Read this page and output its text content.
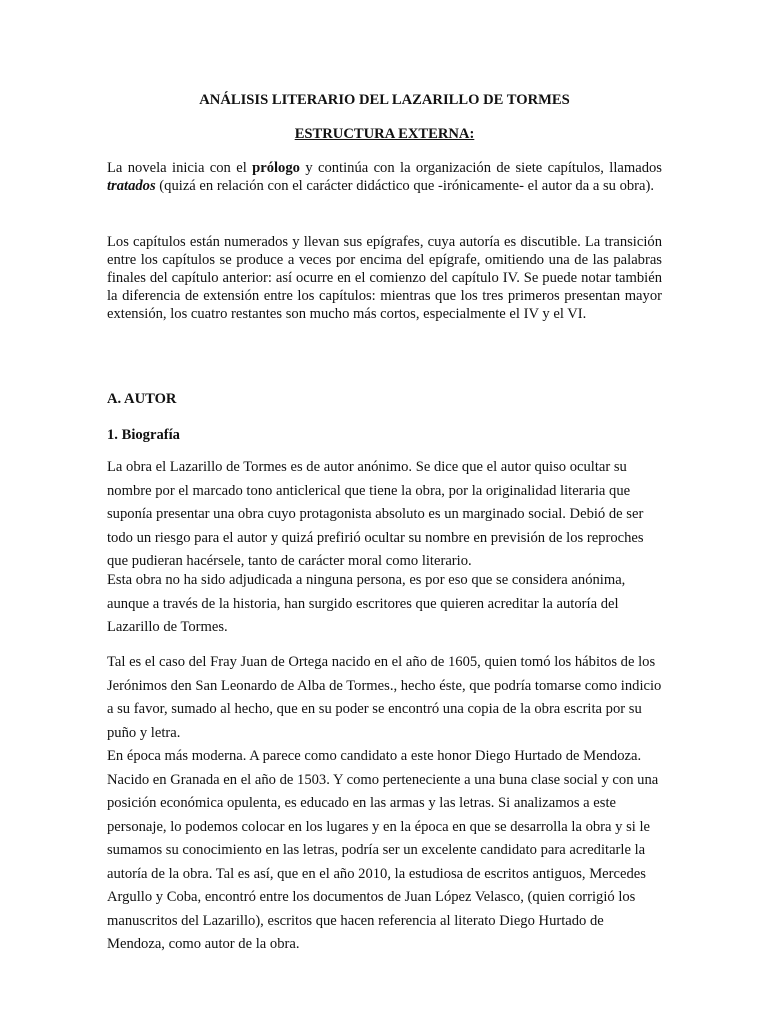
ANÁLISIS LITERARIO DEL LAZARILLO DE TORMES
ESTRUCTURA EXTERNA:
La novela inicia con el prólogo y continúa con la organización de siete capítulos, llamados tratados (quizá en relación con el carácter didáctico que -irónicamente- el autor da a su obra).
Los capítulos están numerados y llevan sus epígrafes, cuya autoría es discutible. La transición entre los capítulos se produce a veces por encima del epígrafe, omitiendo una de las palabras finales del capítulo anterior: así ocurre en el comienzo del capítulo IV. Se puede notar también la diferencia de extensión entre los capítulos: mientras que los tres primeros presentan mayor extensión, los cuatro restantes son mucho más cortos, especialmente el IV y el VI.
A. AUTOR
1. Biografía
La obra el Lazarillo de Tormes es de autor anónimo. Se dice que el autor quiso ocultar su nombre por el marcado tono anticlerical que tiene la obra, por la originalidad literaria que suponía presentar una obra cuyo protagonista absoluto es un marginado social. Debió de ser todo un riesgo para el autor y quizá prefirió ocultar su nombre en previsión de los reproches que pudieran hacérsele, tanto de carácter moral como literario.
Esta obra no ha sido adjudicada a ninguna persona, es por eso que se considera anónima, aunque a través de la historia, han surgido escritores que quieren acreditar la autoría del Lazarillo de Tormes.
Tal es el caso del Fray Juan de Ortega nacido en el año de 1605, quien tomó los hábitos de los Jerónimos den San Leonardo de Alba de Tormes., hecho éste, que podría tomarse como indicio a su favor, sumado al hecho, que en su poder se encontró una copia de la obra escrita por su puño y letra.
En época más moderna. A parece como candidato a este honor Diego Hurtado de Mendoza. Nacido en Granada en el año de 1503. Y como perteneciente a una buna clase social y con una posición económica opulenta, es educado en las armas y las letras. Si analizamos a este personaje, lo podemos colocar en los lugares y en la época en que se desarrolla la obra y si le sumamos su conocimiento en las letras, podría ser un excelente candidato para acreditarle la autoría de la obra. Tal es así, que en el año 2010, la estudiosa de escritos antiguos, Mercedes Argullo y Coba, encontró entre los documentos de Juan López Velasco, (quien corrigió los manuscritos del Lazarillo), escritos que hacen referencia al literato Diego Hurtado de Mendoza, como autor de la obra.
